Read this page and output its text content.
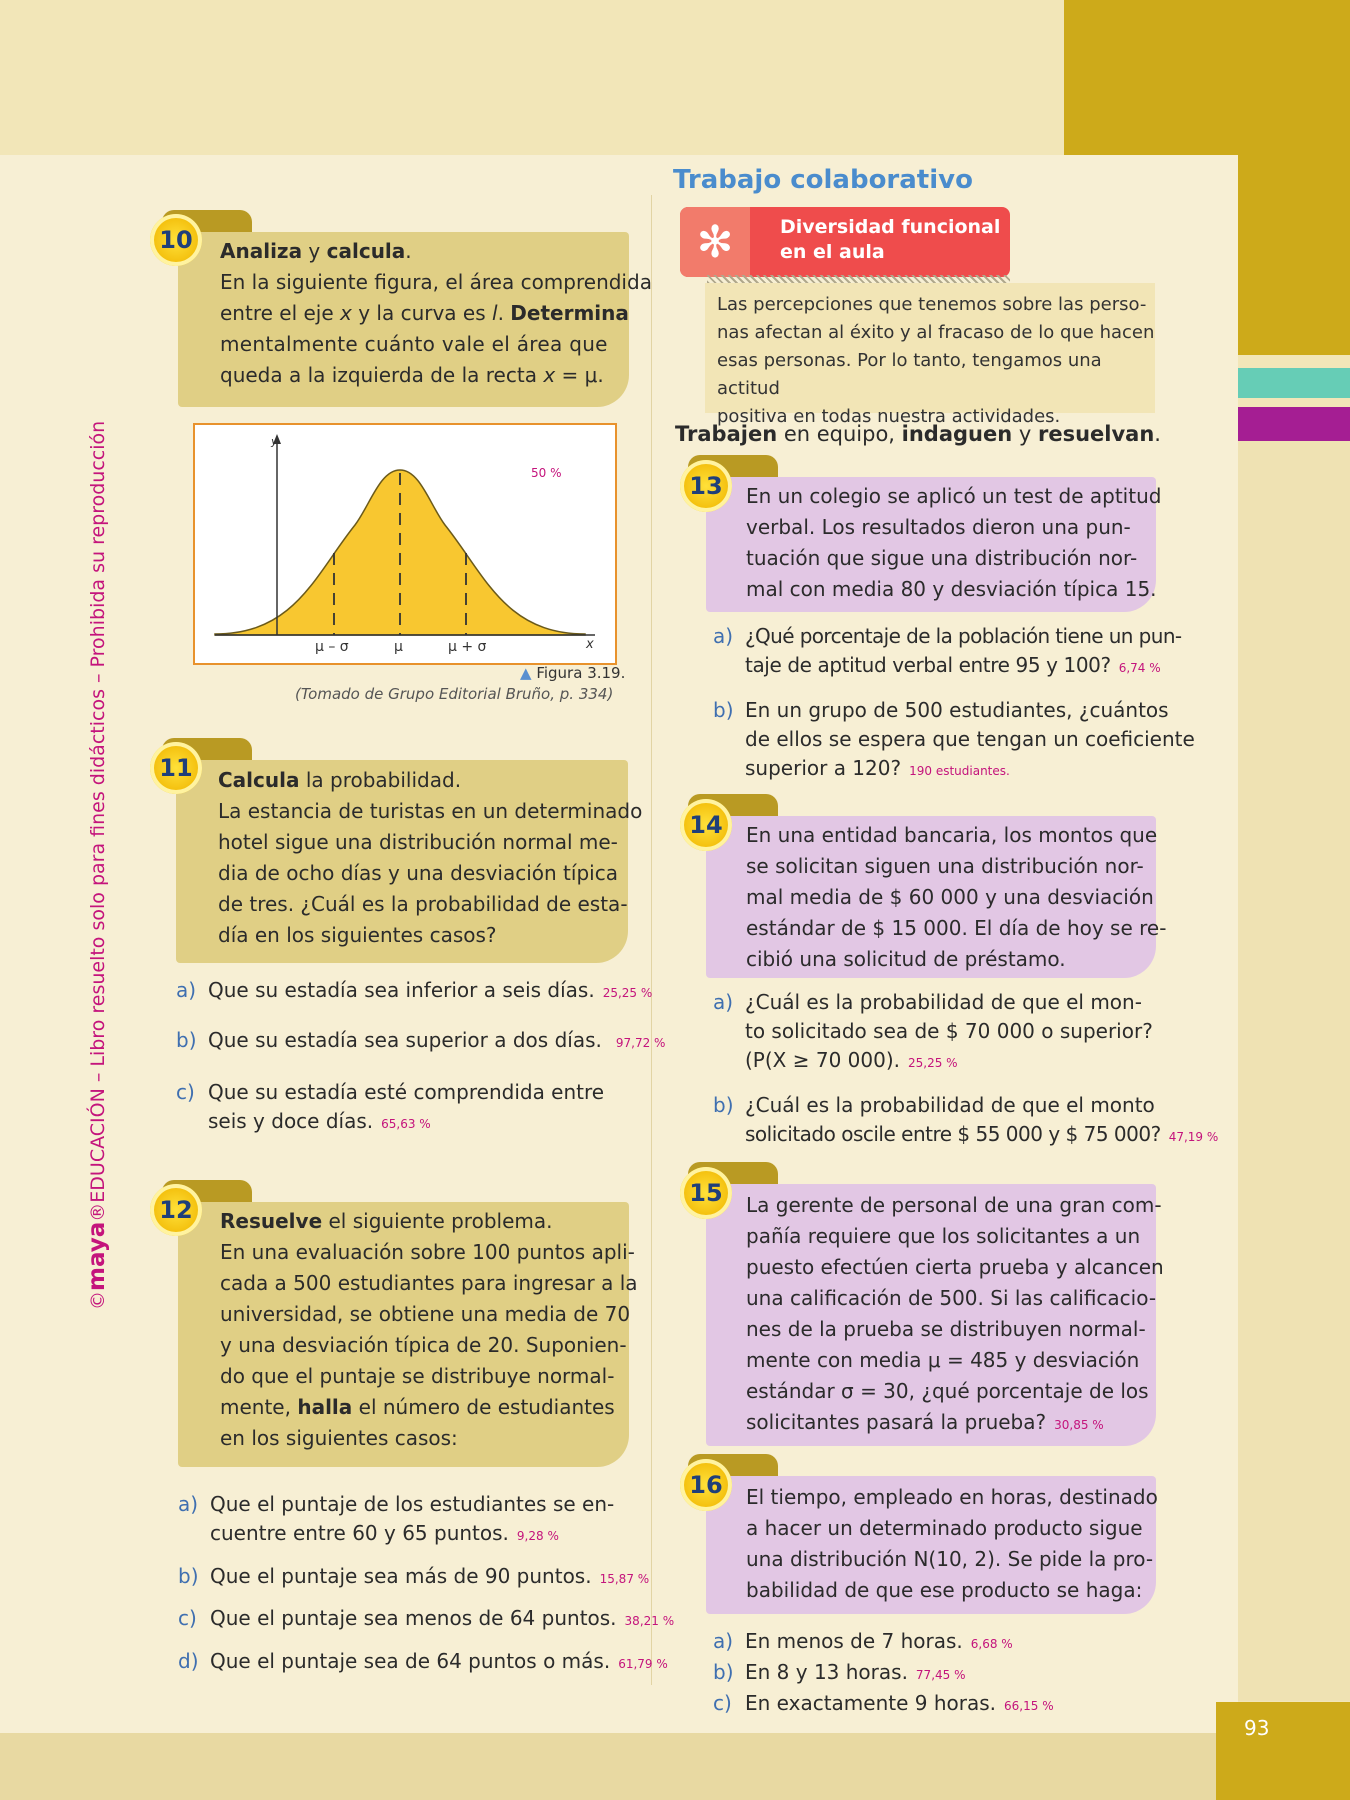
93
©maya®EDUCACIÓN – Libro resuelto solo para fines didácticos – Prohibida su reproducción
10	Analiza y calcula.
En la siguiente figura, el área comprendida
entre el eje x y la curva es l. Determina
mentalmente cuánto vale el área que
queda a la izquierda de la recta x = μ.
y
x
50 %
μ – σ	μ	μ + σ
▲ Figura 3.19.
(Tomado de Grupo Editorial Bruño, p. 334)
11	Calcula la probabilidad.
La estancia de turistas en un determinado
hotel sigue una distribución normal me-
dia de ocho días y una desviación típica
de tres. ¿Cuál es la probabilidad de esta-
día en los siguientes casos?
a) Que su estadía sea inferior a seis días. 25,25 %
b) Que su estadía sea superior a dos días. 97,72 %
c) Que su estadía esté comprendida entre
seis y doce días. 65,63 %
12	Resuelve el siguiente problema.
En una evaluación sobre 100 puntos apli-
cada a 500 estudiantes para ingresar a la
universidad, se obtiene una media de 70
y una desviación típica de 20. Suponien-
do que el puntaje se distribuye normal-
mente, halla el número de estudiantes
en los siguientes casos:
a) Que el puntaje de los estudiantes se en-
cuentre entre 60 y 65 puntos. 9,28 %
b) Que el puntaje sea más de 90 puntos. 15,87 %
c) Que el puntaje sea menos de 64 puntos. 38,21 %
d) Que el puntaje sea de 64 puntos o más. 61,79 %
Trabajo colaborativo
✻	Diversidad funcional
en el aula

Las percepciones que tenemos sobre las perso-
nas afectan al éxito y al fracaso de lo que hacen
esas personas. Por lo tanto, tengamos una actitud
positiva en todas nuestra actividades.

Trabajen en equipo, indaguen y resuelvan.
13	En un colegio se aplicó un test de aptitud
verbal. Los resultados dieron una pun-
tuación que sigue una distribución nor-
mal con media 80 y desviación típica 15.
a) ¿Qué porcentaje de la población tiene un pun-
taje de aptitud verbal entre 95 y 100? 6,74 %
b) En un grupo de 500 estudiantes, ¿cuántos
de ellos se espera que tengan un coeficiente
superior a 120? 190 estudiantes.
14	En una entidad bancaria, los montos que
se solicitan siguen una distribución nor-
mal media de $ 60 000 y una desviación
estándar de $ 15 000. El día de hoy se re-
cibió una solicitud de préstamo.
a) ¿Cuál es la probabilidad de que el mon-
to solicitado sea de $ 70 000 o superior?
(P(X ≥ 70 000). 25,25 %
b) ¿Cuál es la probabilidad de que el monto
solicitado oscile entre $ 55 000 y $ 75 000? 47,19 %
15	La gerente de personal de una gran com-
pañía requiere que los solicitantes a un
puesto efectúen cierta prueba y alcancen
una calificación de 500. Si las calificacio-
nes de la prueba se distribuyen normal-
mente con media μ = 485 y desviación
estándar σ = 30, ¿qué porcentaje de los
solicitantes pasará la prueba? 30,85 %
16	El tiempo, empleado en horas, destinado
a hacer un determinado producto sigue
una distribución N(10, 2). Se pide la pro-
babilidad de que ese producto se haga:
a) En menos de 7 horas. 6,68 %
b) En 8 y 13 horas. 77,45 %
c) En exactamente 9 horas. 66,15 %
